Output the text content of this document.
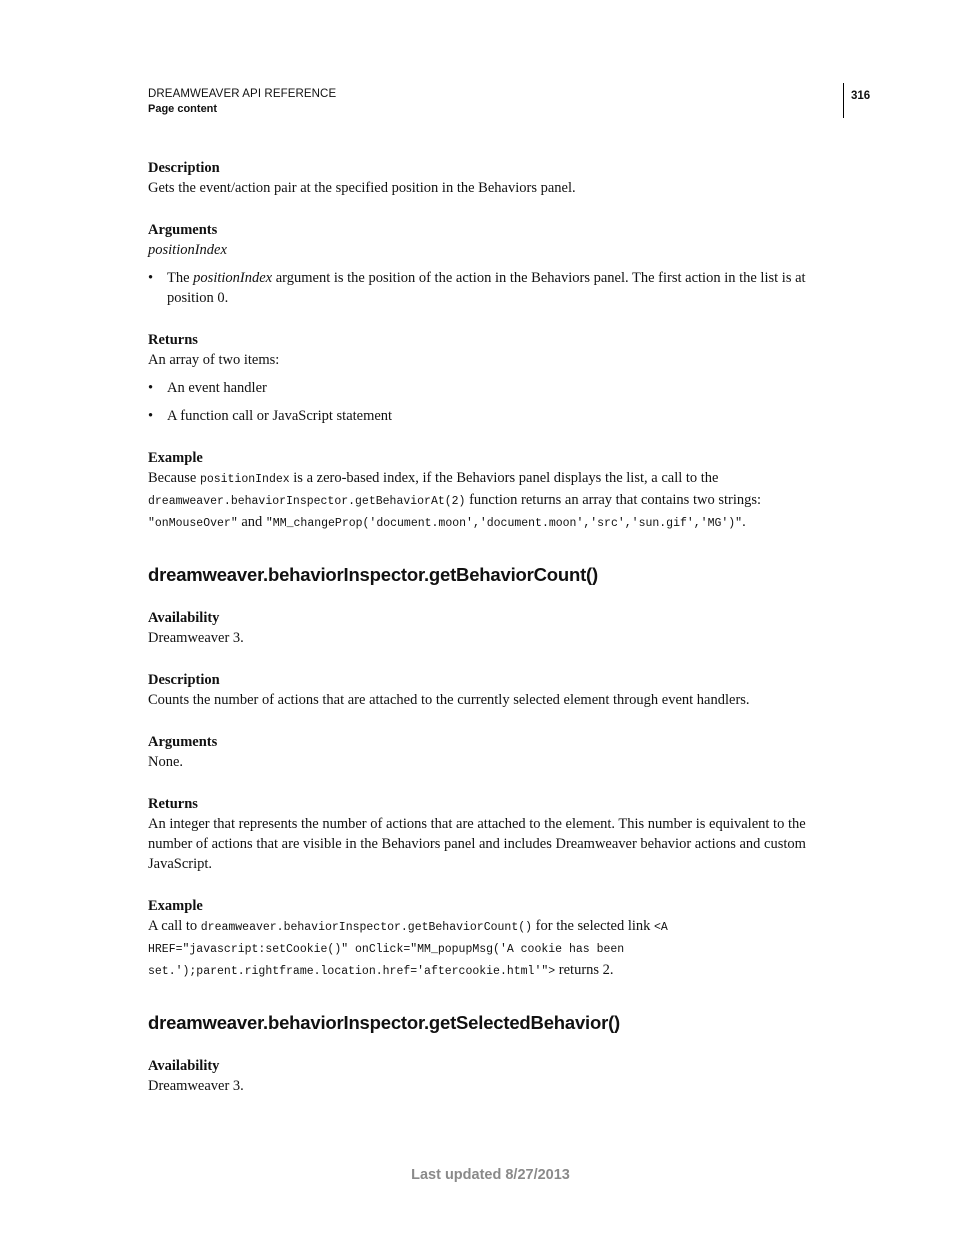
DREAMWEAVER API REFERENCE
Page content
316

Description

Gets the event/action pair at the specified position in the Behaviors panel.

Arguments

positionIndex

• The positionIndex argument is the position of the action in the Behaviors panel. The first action in the list is at position 0.

Returns

An array of two items:

• An event handler
• A function call or JavaScript statement

Example

Because positionIndex is a zero-based index, if the Behaviors panel displays the list, a call to the dreamweaver.behaviorInspector.getBehaviorAt(2) function returns an array that contains two strings: "onMouseOver" and "MM_changeProp('document.moon','document.moon','src','sun.gif','MG')".

dreamweaver.behaviorInspector.getBehaviorCount()

Availability

Dreamweaver 3.

Description

Counts the number of actions that are attached to the currently selected element through event handlers.

Arguments

None.

Returns

An integer that represents the number of actions that are attached to the element. This number is equivalent to the number of actions that are visible in the Behaviors panel and includes Dreamweaver behavior actions and custom JavaScript.

Example

A call to dreamweaver.behaviorInspector.getBehaviorCount() for the selected link <A HREF="javascript:setCookie()" onClick="MM_popupMsg('A cookie has been set.');parent.rightframe.location.href='aftercookie.html'"> returns 2.

dreamweaver.behaviorInspector.getSelectedBehavior()

Availability

Dreamweaver 3.

Last updated 8/27/2013
